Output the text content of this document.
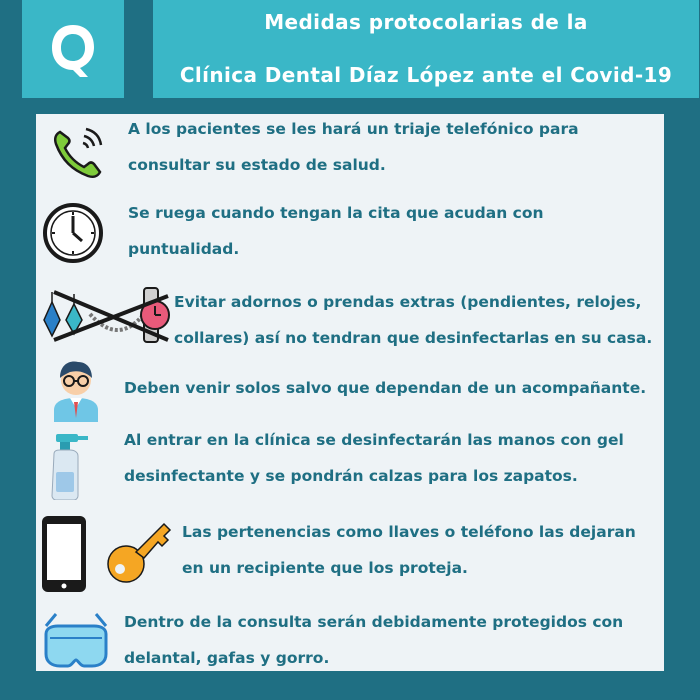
Medidas protocolarias de la
Clínica Dental Díaz López ante el Covid-19
A los pacientes se les hará un triaje telefónico para
consultar su estado de salud.
Se ruega cuando tengan la cita que acudan con
puntualidad.
Evitar adornos o prendas extras (pendientes, relojes,
collares) así no tendran que desinfectarlas en su casa.
Deben venir solos salvo que dependan de un acompañante.
Al entrar en la clínica se desinfectarán las manos con gel
desinfectante y se pondrán calzas para los zapatos.
Las pertenencias como llaves o teléfono las dejaran
en un recipiente que los proteja.
Dentro de la consulta serán debidamente protegidos con
delantal, gafas y gorro.
